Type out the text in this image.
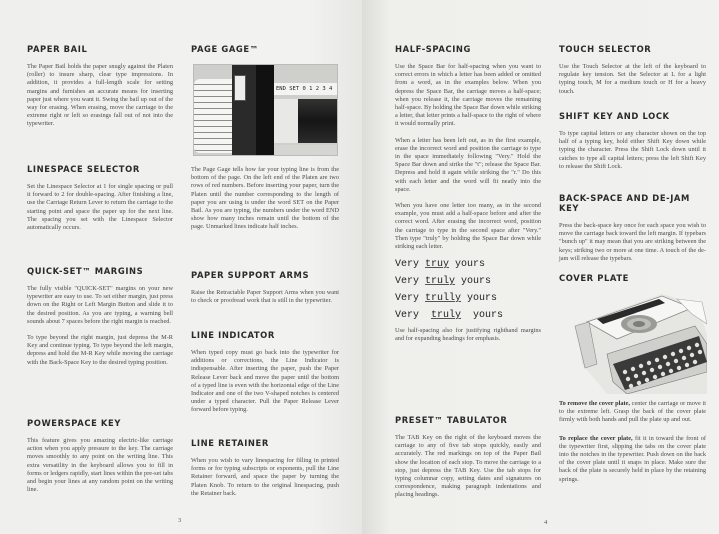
PAPER BAIL

The Paper Bail holds the paper snugly against the Platen (roller) to insure sharp, clear type impressions. In addition, it provides a full-length scale for setting margins and furnishes an accurate means for inserting paper just where you want it. Swing the bail up out of the way for erasing. When erasing, move the carriage to the extreme right or left so erasings fall out of not into the typewriter.

LINESPACE SELECTOR

Set the Linespace Selector at 1 for single spacing or pull it forward to 2 for double-spacing. After finishing a line, use the Carriage Return Lever to return the carriage to the starting point and space the paper up for the next line. The spacing you set with the Linespace Selector automatically occurs.

QUICK-SET™ MARGINS

The fully visible "QUICK-SET" margins on your new typewriter are easy to use. To set either margin, just press down on the Right or Left Margin Button and slide it to the desired position. As you are typing, a warning bell sounds about 7 spaces before the right margin is reached.

To type beyond the right margin, just depress the M-R Key and continue typing. To type beyond the left margin, depress and hold the M-R Key while moving the carriage with the Back-Space Key to the desired typing position.

POWERSPACE KEY

This feature gives you amazing electric-like carriage action when you apply pressure to the key. The carriage moves smoothly to any point on the writing line. This extra versatility in the keyboard allows you to fill in forms or ledgers rapidly, start lines within the pre-set tabs and begin your lines at any random point on the writing line.

PAGE GAGE™
END SET 0 1 2 3 4

The Page Gage tells how far your typing line is from the bottom of the page. On the left end of the Platen are two rows of red numbers. Before inserting your paper, turn the Platen until the number corresponding to the length of paper you are using is under the word SET on the Paper Bail. As you are typing, the numbers under the word END show how many inches remain until the bottom of the page. Unmarked lines indicate half inches.

PAPER SUPPORT ARMS

Raise the Retractable Paper Support Arms when you want to check or proofread work that is still in the typewriter.

LINE INDICATOR

When typed copy must go back into the typewriter for additions or corrections, the Line Indicator is indispensable. After inserting the paper, push the Paper Release Lever back and move the paper until the bottom of a typed line is even with the horizontal edge of the Line Indicator and one of the two V-shaped notches is centered under a typed character. Pull the Paper Release Lever forward before typing.

LINE RETAINER

When you wish to vary linespacing for filling in printed forms or for typing subscripts or exponents, pull the Line Retainer forward, and space the paper by turning the Platen Knob. To return to the original linespacing, push the Retainer back.

3
HALF-SPACING

Use the Space Bar for half-spacing when you want to correct errors in which a letter has been added or omitted from a word, as in the examples below. When you depress the Space Bar, the carriage moves a half-space; when you release it, the carriage moves the remaining half-space. By holding the Space Bar down while striking a letter, that letter prints a half-space to the right of where it would normally print.

When a letter has been left out, as in the first example, erase the incorrect word and position the carriage to type in the space immediately following "Very." Hold the Space Bar down and strike the "t"; release the Space Bar. Depress and hold it again while striking the "r." Do this with each letter and the word will fit neatly into the space.

When you have one letter too many, as in the second example, you must add a half-space before and after the correct word. After erasing the incorrect word, position the carriage to type in the second space after "Very." Then type "truly" by holding the Space Bar down while striking each letter.

Very truy yours
Very truly yours
Very trully yours
Very  truly  yours

Use half-spacing also for justifying righthand margins and for expanding headings for emphasis.

PRESET™ TABULATOR

The TAB Key on the right of the keyboard moves the carriage to any of five tab stops quickly, easily and accurately. The red markings on top of the Paper Bail show the location of each stop. To move the carriage to a stop, just depress the TAB Key. Use the tab stops for typing columnar copy, setting dates and signatures on correspondence, making paragraph indentations and placing headings.

TOUCH SELECTOR

Use the Touch Selector at the left of the keyboard to regulate key tension. Set the Selector at L for a light typing touch, M for a medium touch or H for a heavy touch.

SHIFT KEY AND LOCK

To type capital letters or any character shown on the top half of a typing key, hold either Shift Key down while typing the character. Press the Shift Lock down until it catches to type all capital letters; press the left Shift Key to release the Shift Lock.

BACK-SPACE AND DE-JAM KEY

Press the back-space key once for each space you wish to move the carriage back toward the left margin. If typebars "bunch up" it may mean that you are striking between the keys; striking two or more at one time. A touch of the de-jam will release the typebars.

COVER PLATE

To remove the cover plate, center the carriage or move it to the extreme left. Grasp the back of the cover plate firmly with both hands and pull the plate up and out.

To replace the cover plate, fit it in toward the front of the typewriter first, slipping the tabs on the cover plate into the notches in the typewriter. Push down on the back of the cover plate until it snaps in place. Make sure the back of the plate is securely held in place by the retaining springs.

4
